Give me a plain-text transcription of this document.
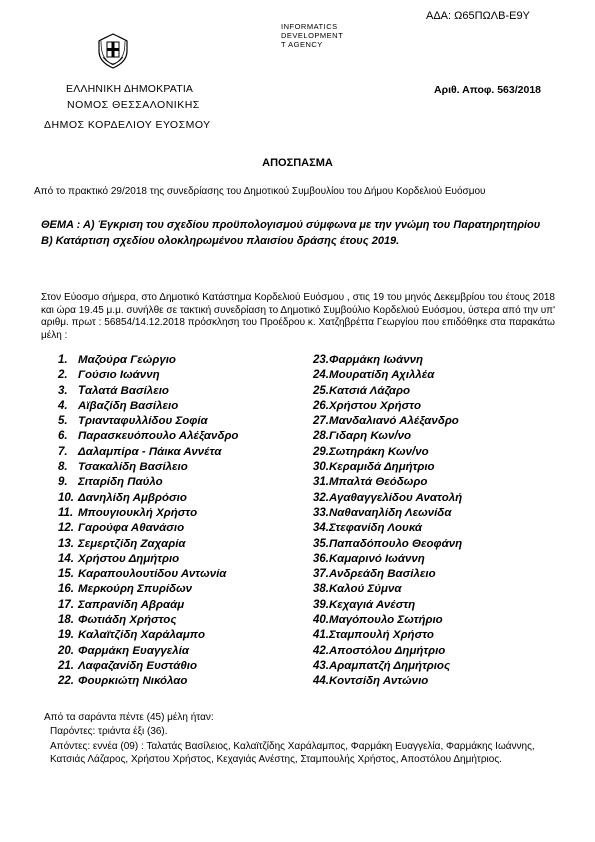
ΑΔΑ: Ω65ΠΩΛΒ-Ε9Υ
INFORMATICS
DEVELOPMENT
T AGENCY
ΕΛΛΗΝΙΚΗ ΔΗΜΟΚΡΑΤΙΑ
ΝΟΜΟΣ ΘΕΣΣΑΛΟΝΙΚΗΣ
ΔΗΜΟΣ ΚΟΡΔΕΛΙΟΥ ΕΥΟΣΜΟΥ
Αριθ. Αποφ. 563/2018
ΑΠΟΣΠΑΣΜΑ
Από το πρακτικό 29/2018 της συνεδρίασης του Δημοτικού Συμβουλίου του Δήμου Κορδελιού Ευόσμου
ΘΕΜΑ : Α) Έγκριση του σχεδίου προϋπολογισμού σύμφωνα με την γνώμη του Παρατηρητηρίου
Β) Κατάρτιση σχεδίου ολοκληρωμένου πλαισίου δράσης έτους 2019.
Στον Εύοσμο σήμερα, στο Δημοτικό Κατάστημα Κορδελιού Ευόσμου , στις 19 του μηνός Δεκεμβρίου του έτους 2018 και ώρα 19.45 μ.μ. συνήλθε σε τακτική συνεδρίαση το Δημοτικό Συμβούλιο Κορδελιού Ευόσμου, ύστερα από την υπ' αριθμ. πρωτ : 56854/14.12.2018 πρόσκληση του Προέδρου κ. Χατζηβρέττα Γεωργίου που επιδόθηκε στα παρακάτω μέλη :
1. Μαζούρα Γεώργιο
2. Γούσιο Ιωάννη
3. Tαλατά Βασίλειο
4. Αϊβαζίδη Βασίλειο
5. Τριανταφυλλίδου Σοφία
6. Παρασκευόπουλο Αλέξανδρο
7. Δαλαμπίρα - Πάικα Αννέτα
8. Τσακαλίδη Βασίλειο
9. Σιταρίδη Παύλο
10. Δανηλίδη Αμβρόσιο
11. Μπουγιουκλή Χρήστο
12. Γαρούφα Αθανάσιο
13. Σεμερτζίδη Ζαχαρία
14. Χρήστου Δημήτριο
15. Καραπουλουτίδου Αντωνία
16. Μερκούρη Σπυρίδων
17. Σαπρανίδη Αβραάμ
18. Φωτιάδη Χρήστος
19. Καλαϊτζίδη Χαράλαμπο
20. Φαρμάκη Ευαγγελία
21. Λαφαζανίδη Ευστάθιο
22. Φουρκιώτη Νικόλαο
23.Φαρμάκη Ιωάννη
24.Μουρατίδη Αχιλλέα
25.Κατσιά Λάζαρο
26.Χρήστου Χρήστο
27.Μανδαλιανό Αλέξανδρο
28.Γιδαρη Κων/νο
29.Σωτηράκη Κων/νο
30.Κεραμιδά Δημήτριο
31.Μπαλτά Θεόδωρο
32.Αγαθαγγελίδου Ανατολή
33.Ναθαναηλίδη Λεωνίδα
34.Στεφανίδη Λουκά
35.Παπαδόπουλο Θεοφάνη
36.Καμαρινό Ιωάννη
37.Ανδρεάδη Βασίλειο
38.Καλού Σύμνα
39.Κεχαγιά Ανέστη
40.Μαγόπουλο Σωτήριο
41.Σταμπουλή Χρήστο
42.Αποστόλου Δημήτριο
43.Αραμπατζή Δημήτριος
44.Κοντσίδη Αντώνιο
Από τα σαράντα πέντε (45) μέλη ήταν:
Παρόντες: τριάντα έξι (36).
Απόντες: εννέα (09) : Ταλατάς Βασίλειος, Καλαϊτζίδης Χαράλαμπος, Φαρμάκη Ευαγγελία, Φαρμάκης Ιωάννης, Κατσιάς Λάζαρος, Χρήστου Χρήστος, Κεχαγιάς Ανέστης, Σταμπουλής Χρήστος, Αποστόλου Δημήτριος.
